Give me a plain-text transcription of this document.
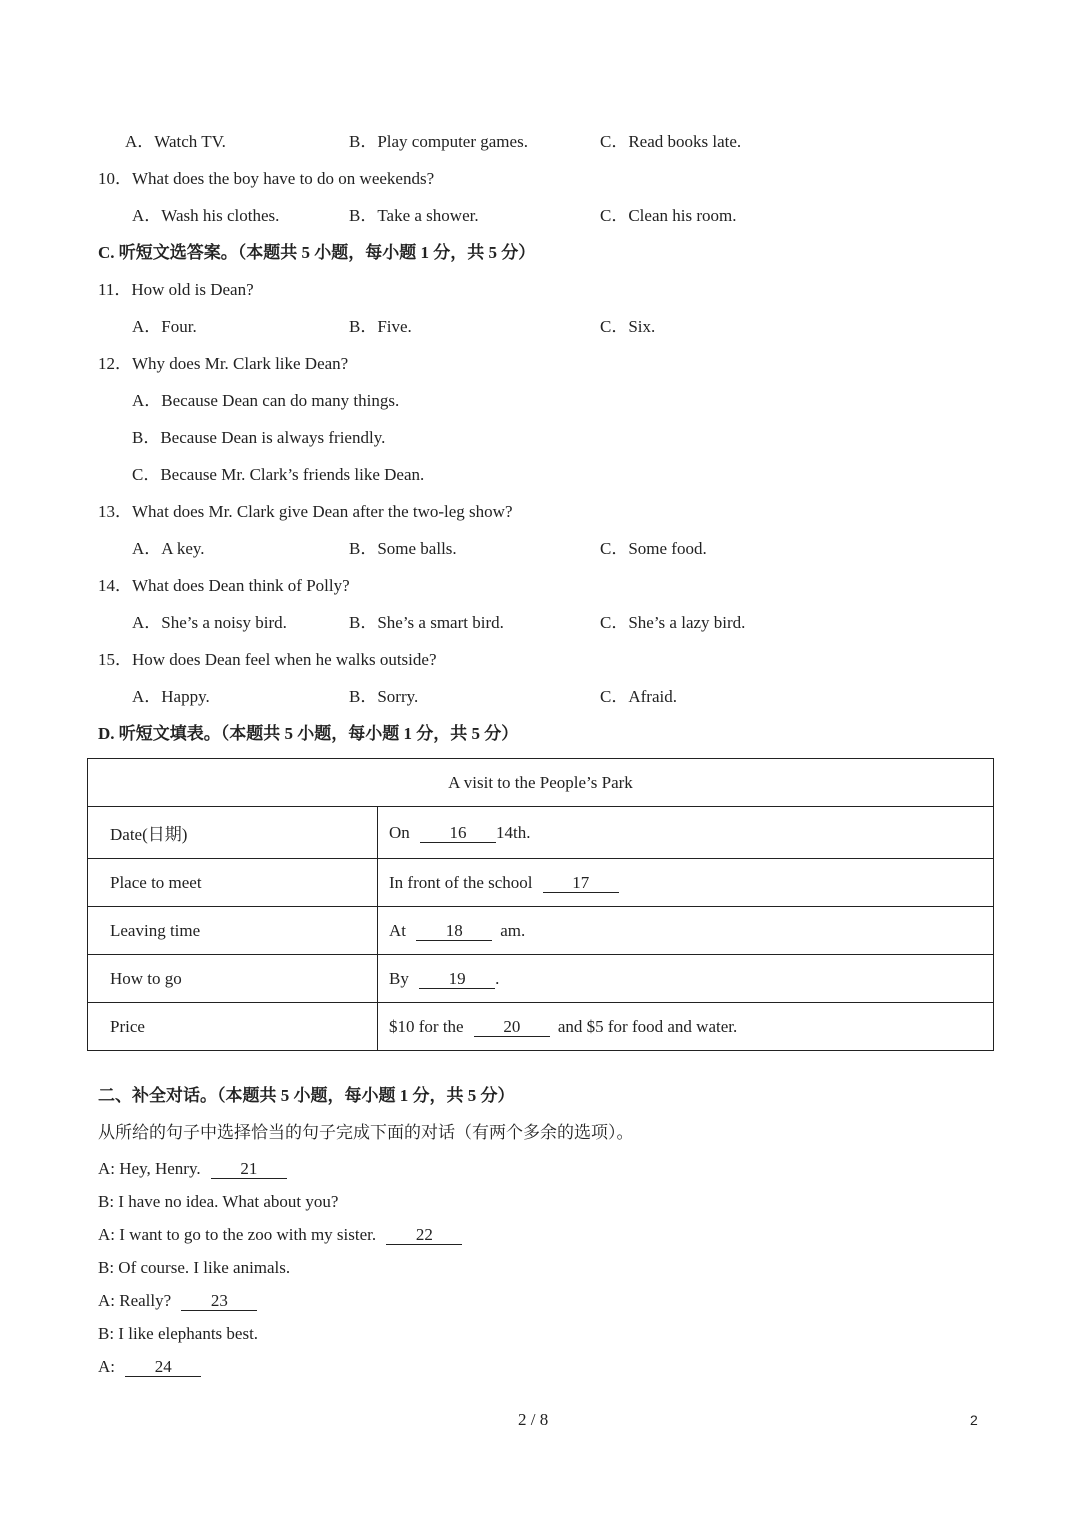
A．Watch TV.	B．Play computer games.	C．Read books late.
10．What does the boy have to do on weekends?
A．Wash his clothes.	B．Take a shower.	C．Clean his room.
C. 听短文选答案。（本题共 5 小题，每小题 1 分，共 5 分）
11．How old is Dean?
A．Four.	B．Five.	C．Six.
12．Why does Mr. Clark like Dean?
A．Because Dean can do many things.
B．Because Dean is always friendly.
C．Because Mr. Clark’s friends like Dean.
13．What does Mr. Clark give Dean after the two-leg show?
A．A key.	B．Some balls.	C．Some food.
14．What does Dean think of Polly?
A．She’s a noisy bird.	B．She’s a smart bird.	C．She’s a lazy bird.
15．How does Dean feel when he walks outside?
A．Happy.	B．Sorry.	C．Afraid.
D. 听短文填表。（本题共 5 小题，每小题 1 分，共 5 分）
A visit to the People’s Park	
Date(日期)	On 16 14th.
Place to meet	In front of the school 17
Leaving time	At 18 am.
How to go	By 19 .
Price	$10 for the 20 and $5 for food and water.
二、补全对话。（本题共 5 小题，每小题 1 分，共 5 分）
从所给的句子中选择恰当的句子完成下面的对话（有两个多余的选项）。
A: Hey, Henry. 21
B: I have no idea. What about you?
A: I want to go to the zoo with my sister. 22
B: Of course. I like animals.
A: Really? 23
B: I like elephants best.
A: 24
2 / 8	2
